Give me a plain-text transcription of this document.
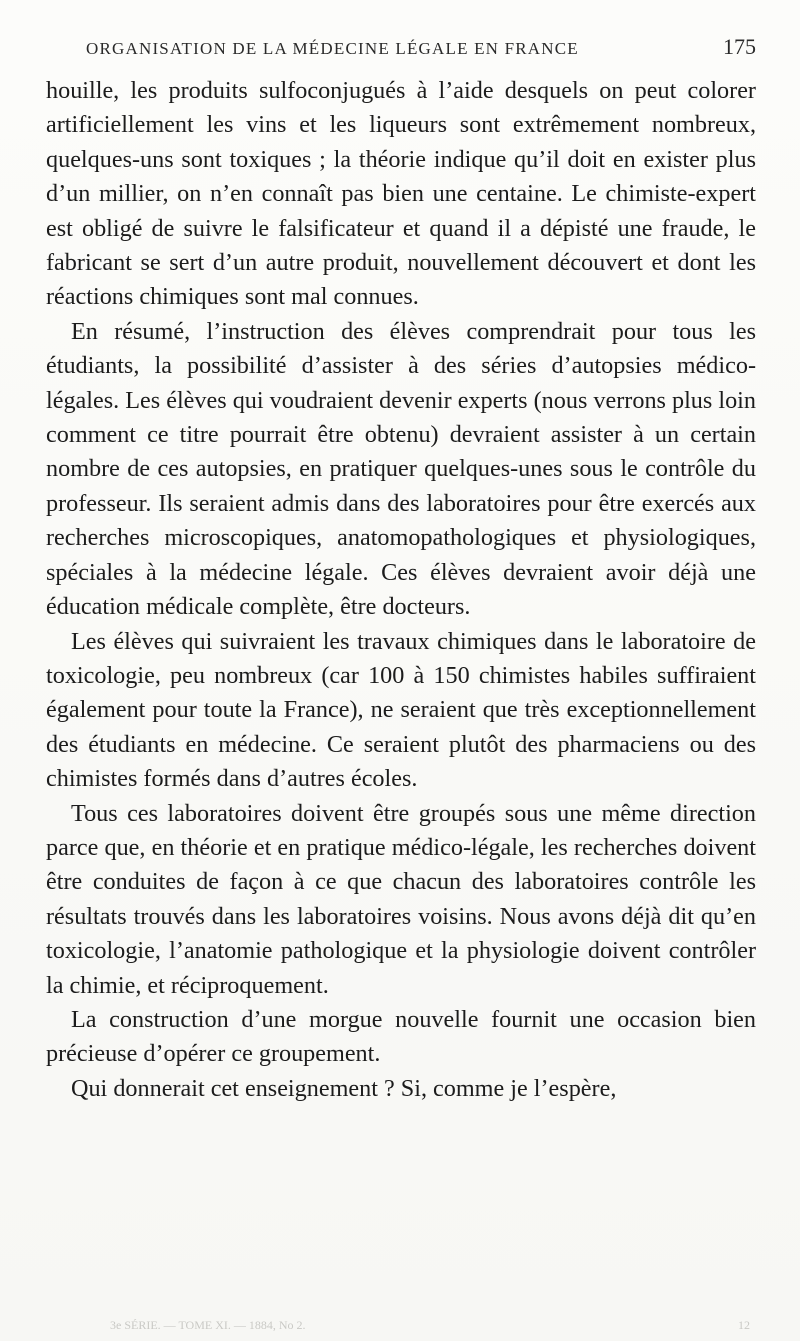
ORGANISATION DE LA MÉDECINE LÉGALE EN FRANCE	175

houille, les produits sulfoconjugués à l’aide desquels on peut colorer artificiellement les vins et les liqueurs sont extrêmement nombreux, quelques-uns sont toxiques ; la théorie indique qu’il doit en exister plus d’un millier, on n’en connaît pas bien une centaine. Le chimiste-expert est obligé de suivre le falsificateur et quand il a dépisté une fraude, le fabricant se sert d’un autre produit, nouvellement découvert et dont les réactions chimiques sont mal connues.

En résumé, l’instruction des élèves comprendrait pour tous les étudiants, la possibilité d’assister à des séries d’autopsies médico-légales. Les élèves qui voudraient devenir experts (nous verrons plus loin comment ce titre pourrait être obtenu) devraient assister à un certain nombre de ces autopsies, en pratiquer quelques-unes sous le contrôle du professeur. Ils seraient admis dans des laboratoires pour être exercés aux recherches microscopiques, anatomopathologiques et physiologiques, spéciales à la médecine légale. Ces élèves devraient avoir déjà une éducation médicale complète, être docteurs.

Les élèves qui suivraient les travaux chimiques dans le laboratoire de toxicologie, peu nombreux (car 100 à 150 chimistes habiles suffiraient également pour toute la France), ne seraient que très exceptionnellement des étudiants en médecine. Ce seraient plutôt des pharmaciens ou des chimistes formés dans d’autres écoles.

Tous ces laboratoires doivent être groupés sous une même direction parce que, en théorie et en pratique médico-légale, les recherches doivent être conduites de façon à ce que chacun des laboratoires contrôle les résultats trouvés dans les laboratoires voisins. Nous avons déjà dit qu’en toxicologie, l’anatomie pathologique et la physiologie doivent contrôler la chimie, et réciproquement.

La construction d’une morgue nouvelle fournit une occasion bien précieuse d’opérer ce groupement.

Qui donnerait cet enseignement ? Si, comme je l’espère,

3e SÉRIE. — TOME XI. — 1884, No 2.	12
